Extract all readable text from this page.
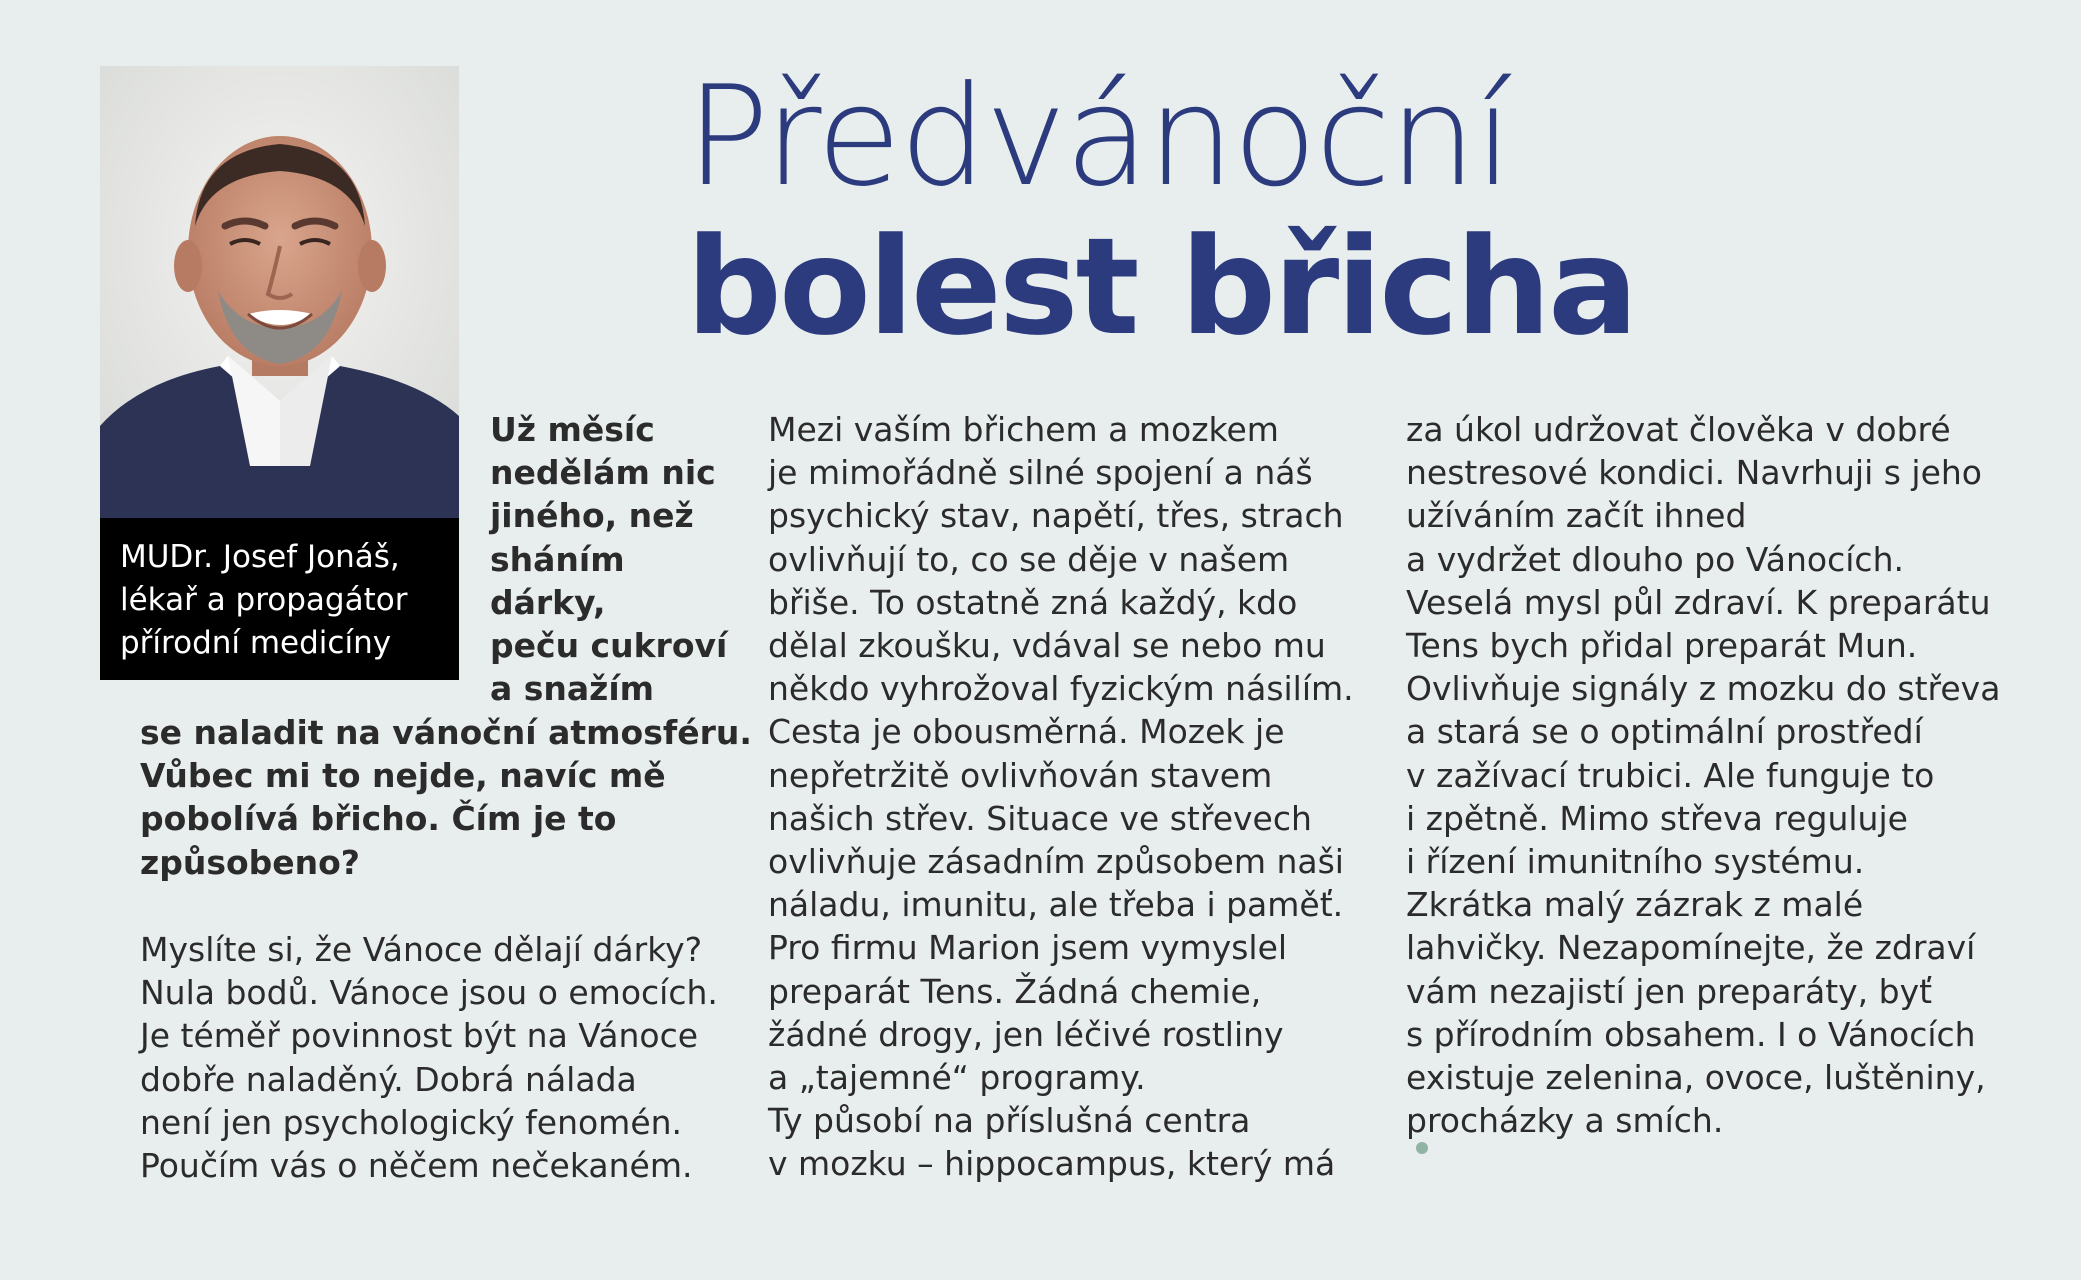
Předvánoční
bolest břicha
MUDr. Josef Jonáš,
lékař a propagátor
přírodní medicíny
Už měsíc
nedělám nic
jiného, než
sháním
dárky,
peču cukroví
a snažím
se naladit na vánoční atmosféru.
Vůbec mi to nejde, navíc mě
pobolívá břicho. Čím je to
způsobeno?
Myslíte si, že Vánoce dělají dárky?
Nula bodů. Vánoce jsou o emocích.
Je téměř povinnost být na Vánoce
dobře naladěný. Dobrá nálada
není jen psychologický fenomén.
Poučím vás o něčem nečekaném.
Mezi vaším břichem a mozkem
je mimořádně silné spojení a náš
psychický stav, napětí, třes, strach
ovlivňují to, co se děje v našem
břiše. To ostatně zná každý, kdo
dělal zkoušku, vdával se nebo mu
někdo vyhrožoval fyzickým násilím.
Cesta je obousměrná. Mozek je
nepřetržitě ovlivňován stavem
našich střev. Situace ve střevech
ovlivňuje zásadním způsobem naši
náladu, imunitu, ale třeba i paměť.
Pro firmu Marion jsem vymyslel
preparát Tens. Žádná chemie,
žádné drogy, jen léčivé rostliny
a „tajemné“ programy.
Ty působí na příslušná centra
v mozku – hippocampus, který má
za úkol udržovat člověka v dobré
nestresové kondici. Navrhuji s jeho
užíváním začít ihned
a vydržet dlouho po Vánocích.
Veselá mysl půl zdraví. K preparátu
Tens bych přidal preparát Mun.
Ovlivňuje signály z mozku do střeva
a stará se o optimální prostředí
v zažívací trubici. Ale funguje to
i zpětně. Mimo střeva reguluje
i řízení imunitního systému.
Zkrátka malý zázrak z malé
lahvičky. Nezapomínejte, že zdraví
vám nezajistí jen preparáty, byť
s přírodním obsahem. I o Vánocích
existuje zelenina, ovoce, luštěniny,
procházky a smích.
